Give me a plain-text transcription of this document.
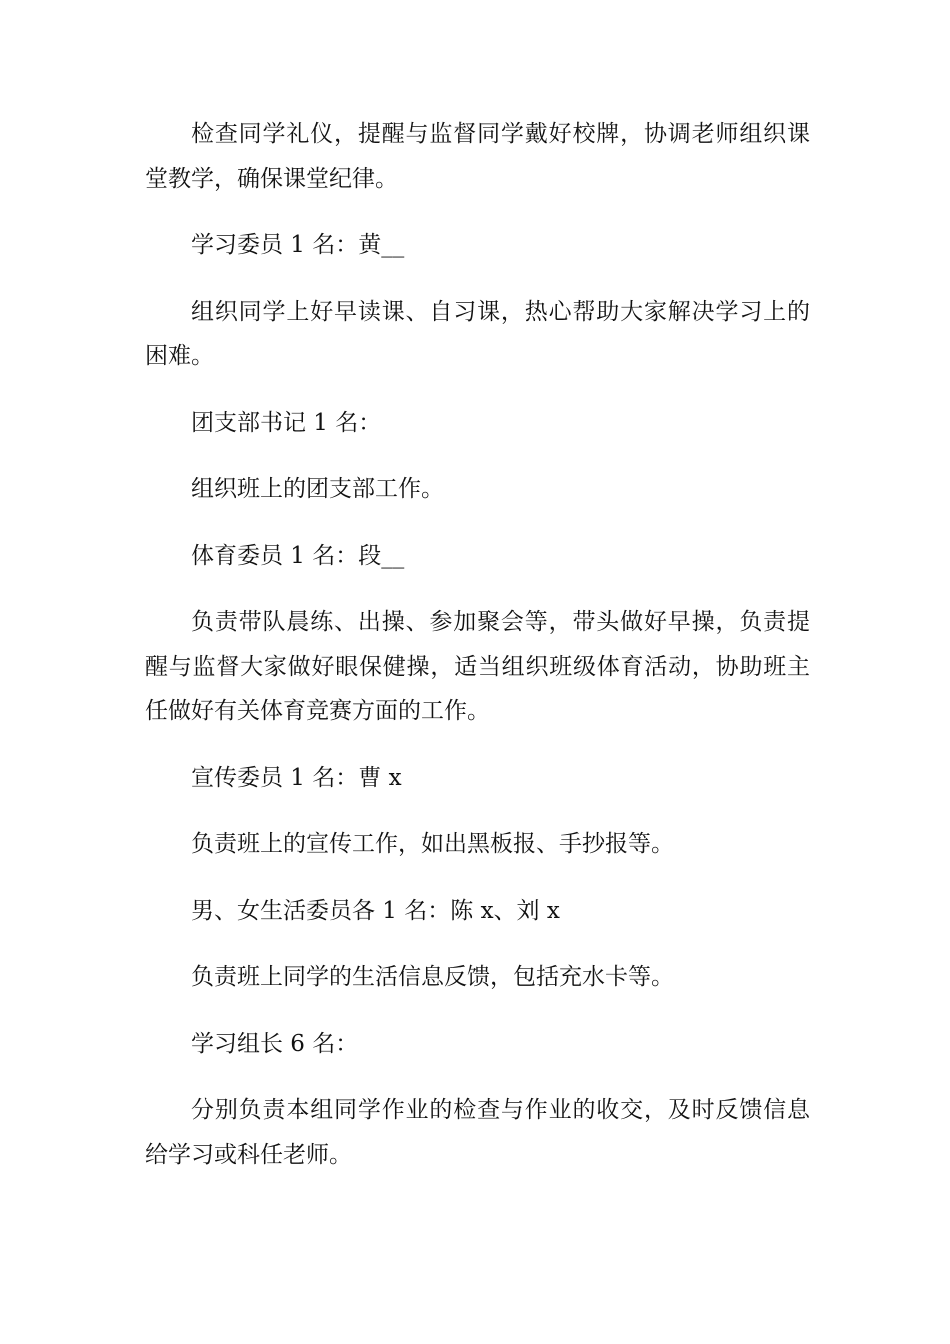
检查同学礼仪，提醒与监督同学戴好校牌，协调老师组织课堂教学，确保课堂纪律。

学习委员 1 名：黄__

组织同学上好早读课、自习课，热心帮助大家解决学习上的困难。

团支部书记 1 名：

组织班上的团支部工作。

体育委员 1 名：段__

负责带队晨练、出操、参加聚会等，带头做好早操，负责提醒与监督大家做好眼保健操，适当组织班级体育活动，协助班主任做好有关体育竞赛方面的工作。

宣传委员 1 名：曹 x

负责班上的宣传工作，如出黑板报、手抄报等。

男、女生活委员各 1 名：陈 x、刘 x

负责班上同学的生活信息反馈，包括充水卡等。

学习组长 6 名：

分别负责本组同学作业的检查与作业的收交，及时反馈信息给学习或科任老师。
